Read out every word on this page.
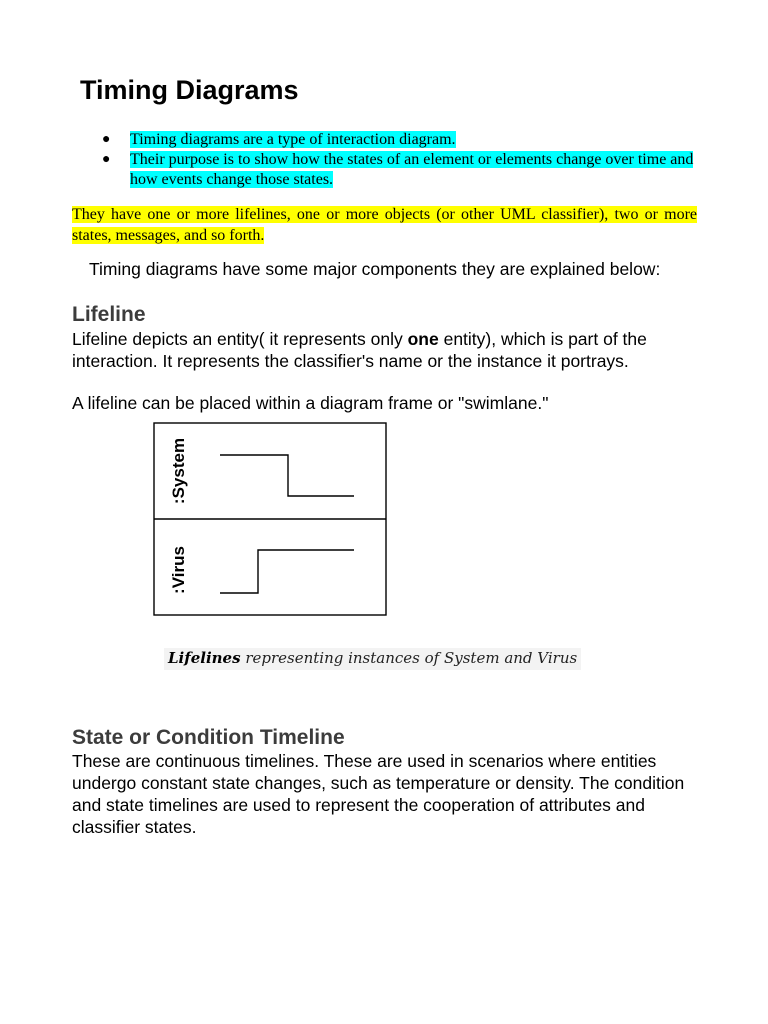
Timing Diagrams
● Timing diagrams are a type of interaction diagram.
● Their purpose is to show how the states of an element or elements change over time and how events change those states.

They have one or more lifelines, one or more objects (or other UML classifier), two or more states, messages, and so forth.

Timing diagrams have some major components they are explained below:

Lifeline

Lifeline depicts an entity( it represents only one entity), which is part of the interaction. It represents the classifier's name or the instance it portrays.

A lifeline can be placed within a diagram frame or "swimlane."

:System
:Virus

Lifelines representing instances of System and Virus

State or Condition Timeline

These are continuous timelines. These are used in scenarios where entities undergo constant state changes, such as temperature or density. The condition and state timelines are used to represent the cooperation of attributes and classifier states.
